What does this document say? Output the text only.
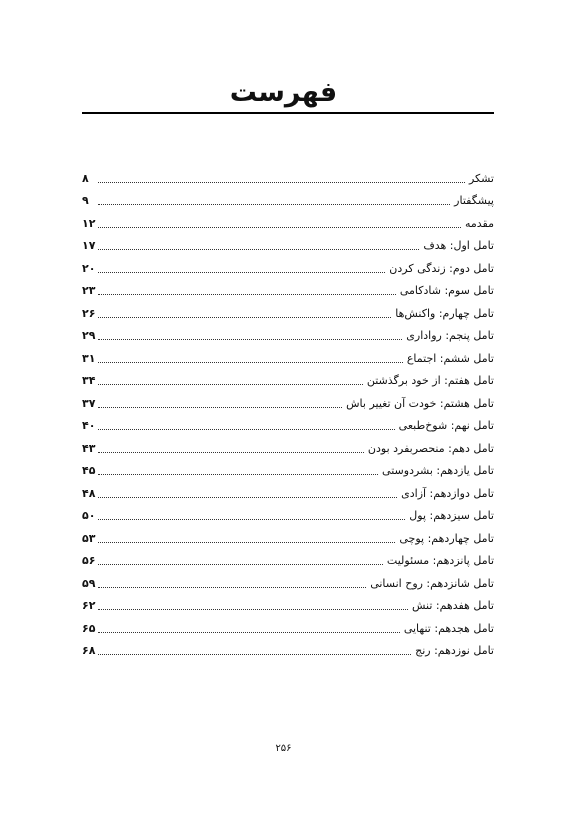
فهرست
تشکر
۸
پیشگفتار
۹
مقدمه
۱۲
تامل اول: هدف
۱۷
تامل دوم: زندگی کردن
۲۰
تامل سوم: شادکامی
۲۳
تامل چهارم: واکنش‌ها
۲۶
تامل پنجم: رواداری
۲۹
تامل ششم: اجتماع
۳۱
تامل هفتم: از خود برگذشتن
۳۴
تامل هشتم: خودت آن تغییر باش
۳۷
تامل نهم: شوخ‌طبعی
۴۰
تامل دهم: منحصربفرد بودن
۴۳
تامل یازدهم: بشردوستی
۴۵
تامل دوازدهم: آزادی
۴۸
تامل سیزدهم: پول
۵۰
تامل چهاردهم: پوچی
۵۳
تامل پانزدهم: مسئولیت
۵۶
تامل شانزدهم: روح انسانی
۵۹
تامل هفدهم: تنش
۶۲
تامل هجدهم: تنهایی
۶۵
تامل نوزدهم: رنج
۶۸
۲۵۶
